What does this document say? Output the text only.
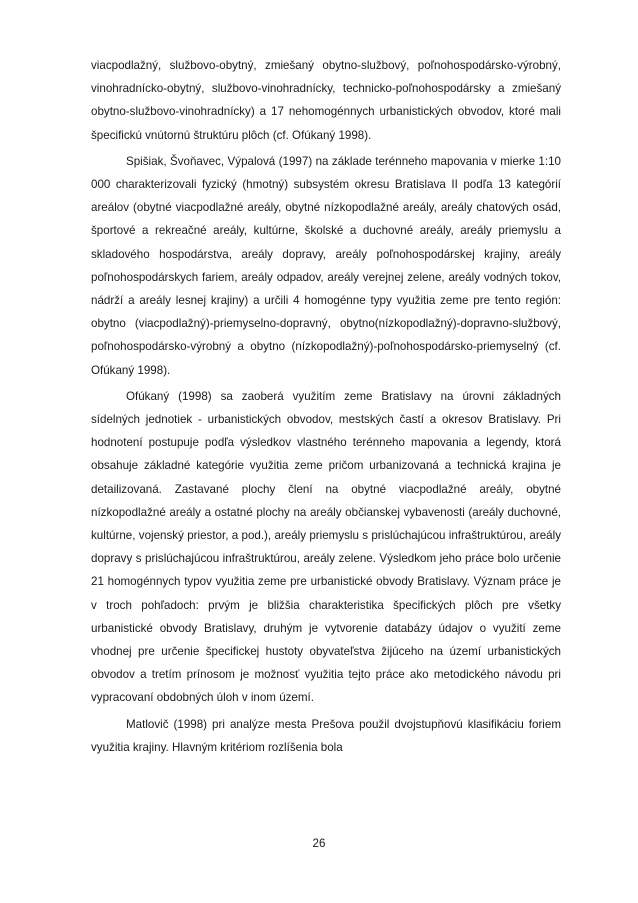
viacpodlažný, službovo-obytný, zmiešaný obytno-službový, poľnohospodársko-výrobný, vinohradnícko-obytný, službovo-vinohradnícky, technicko-poľnohospodársky a zmiešaný obytno-službovo-vinohradnícky) a 17 nehomogénnych urbanistických obvodov, ktoré mali špecifickú vnútornú štruktúru plôch (cf. Ofúkaný 1998).

Spišiak, Švoňavec, Výpalová (1997) na základe terénneho mapovania v mierke 1:10 000 charakterizovali fyzický (hmotný) subsystém okresu Bratislava II podľa 13 kategórií areálov (obytné viacpodlažné areály, obytné nízkopodlažné areály, areály chatových osád, športové a rekreačné areály, kultúrne, školské a duchovné areály, areály priemyslu a skladového hospodárstva, areály dopravy, areály poľnohospodárskej krajiny, areály poľnohospodárskych fariem, areály odpadov, areály verejnej zelene, areály vodných tokov, nádrží a areály lesnej krajiny) a určili 4 homogénne typy využitia zeme pre tento región: obytno (viacpodlažný)-priemyselno-dopravný, obytno(nízkopodlažný)-dopravno-službový, poľnohospodársko-výrobný a obytno (nízkopodlažný)-poľnohospodársko-priemyselný (cf. Ofúkaný 1998).

Ofúkaný (1998) sa zaoberá využitím zeme Bratislavy na úrovni základných sídelných jednotiek - urbanistických obvodov, mestských častí a okresov Bratislavy. Pri hodnotení postupuje podľa výsledkov vlastného terénneho mapovania a legendy, ktorá obsahuje základné kategórie využitia zeme pričom urbanizovaná a technická krajina je detailizovaná. Zastavané plochy člení na obytné viacpodlažné areály, obytné nízkopodlažné areály a ostatné plochy na areály občianskej vybavenosti (areály duchovné, kultúrne, vojenský priestor, a pod.), areály priemyslu s prislúchajúcou infraštruktúrou, areály dopravy s prislúchajúcou infraštruktúrou, areály zelene. Výsledkom jeho práce bolo určenie 21 homogénnych typov využitia zeme pre urbanistické obvody Bratislavy. Význam práce je v troch pohľadoch: prvým je bližšia charakteristika špecifických plôch pre všetky urbanistické obvody Bratislavy, druhým je vytvorenie databázy údajov o využití zeme vhodnej pre určenie špecifickej hustoty obyvateľstva žijúceho na území urbanistických obvodov a tretím prínosom je možnosť využitia tejto práce ako metodického návodu pri vypracovaní obdobných úloh v inom území.

Matlovič (1998) pri analýze mesta Prešova použil dvojstupňovú klasifikáciu foriem využitia krajiny. Hlavným kritériom rozlíšenia bola

26
